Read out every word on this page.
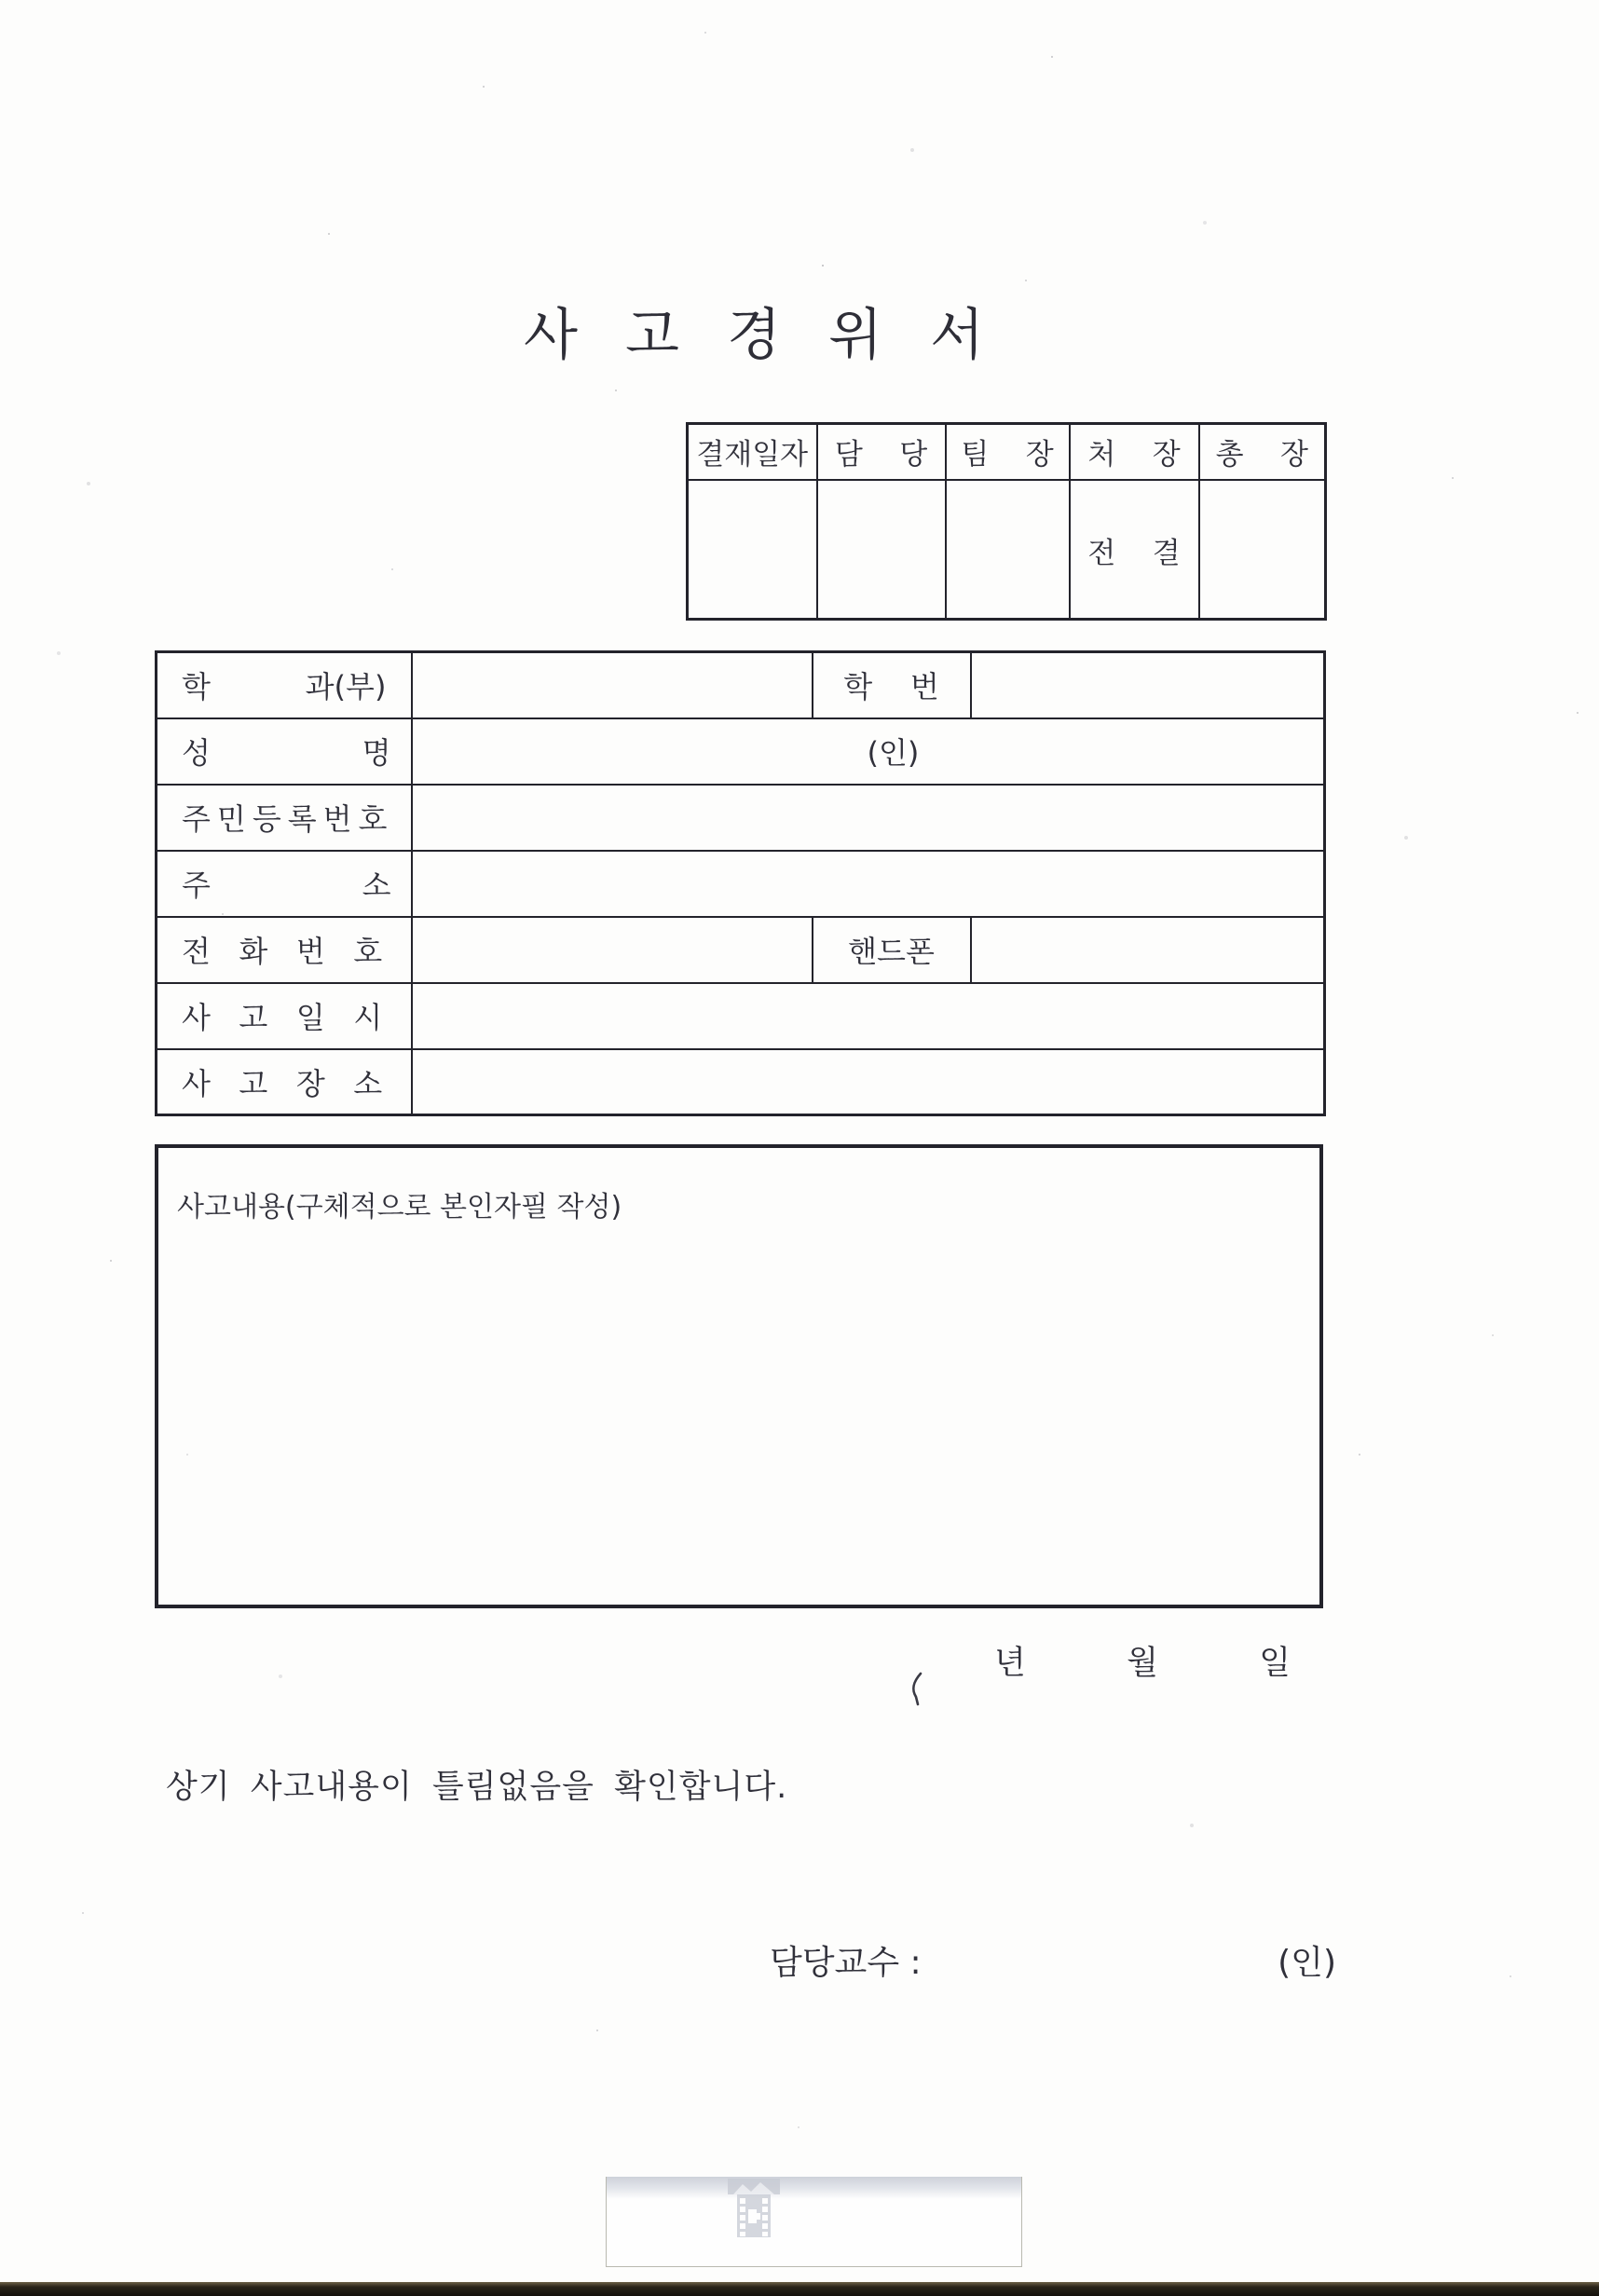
사 고 경 위 서
결재일자	담    당	팀    장	처    장	총    장
			전    결	
학          과(부)		학    번	
성                명	(인)		
주민등록번호			
주                소			
전   화   번   호		핸드폰	
사   고   일   시			
사   고   장   소			
사고내용(구체적으로 본인자필 작성)
년	월	일
상기 사고내용이 틀림없음을 확인합니다.
담당교수 :	(인)
